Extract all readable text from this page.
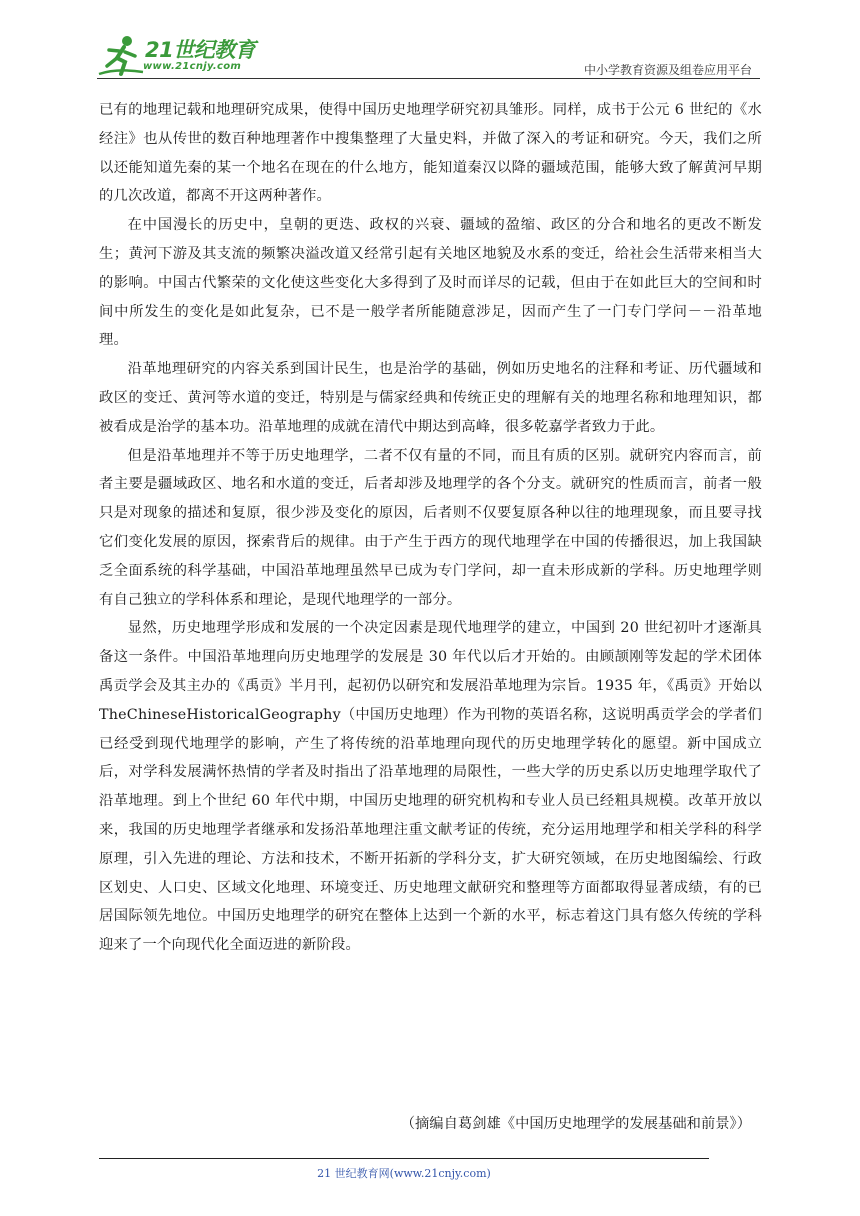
21世纪教育
www.21cnjy.com	中小学教育资源及组卷应用平台

已有的地理记载和地理研究成果，使得中国历史地理学研究初具雏形。同样，成书于公元 6 世纪的《水经注》也从传世的数百种地理著作中搜集整理了大量史料，并做了深入的考证和研究。今天，我们之所以还能知道先秦的某一个地名在现在的什么地方，能知道秦汉以降的疆域范围，能够大致了解黄河早期的几次改道，都离不开这两种著作。

在中国漫长的历史中，皇朝的更迭、政权的兴衰、疆域的盈缩、政区的分合和地名的更改不断发生；黄河下游及其支流的频繁决溢改道又经常引起有关地区地貌及水系的变迁，给社会生活带来相当大的影响。中国古代繁荣的文化使这些变化大多得到了及时而详尽的记载，但由于在如此巨大的空间和时间中所发生的变化是如此复杂，已不是一般学者所能随意涉足，因而产生了一门专门学问－－沿革地理。

沿革地理研究的内容关系到国计民生，也是治学的基础，例如历史地名的注释和考证、历代疆域和政区的变迁、黄河等水道的变迁，特别是与儒家经典和传统正史的理解有关的地理名称和地理知识，都被看成是治学的基本功。沿革地理的成就在清代中期达到高峰，很多乾嘉学者致力于此。

但是沿革地理并不等于历史地理学，二者不仅有量的不同，而且有质的区别。就研究内容而言，前者主要是疆域政区、地名和水道的变迁，后者却涉及地理学的各个分支。就研究的性质而言，前者一般只是对现象的描述和复原，很少涉及变化的原因，后者则不仅要复原各种以往的地理现象，而且要寻找它们变化发展的原因，探索背后的规律。由于产生于西方的现代地理学在中国的传播很迟，加上我国缺乏全面系统的科学基础，中国沿革地理虽然早已成为专门学问，却一直未形成新的学科。历史地理学则有自己独立的学科体系和理论，是现代地理学的一部分。

显然，历史地理学形成和发展的一个决定因素是现代地理学的建立，中国到 20 世纪初叶才逐渐具备这一条件。中国沿革地理向历史地理学的发展是 30 年代以后才开始的。由顾颉刚等发起的学术团体禹贡学会及其主办的《禹贡》半月刊，起初仍以研究和发展沿革地理为宗旨。1935 年，《禹贡》开始以 TheChineseHistoricalGeography（中国历史地理）作为刊物的英语名称，这说明禹贡学会的学者们已经受到现代地理学的影响，产生了将传统的沿革地理向现代的历史地理学转化的愿望。新中国成立后，对学科发展满怀热情的学者及时指出了沿革地理的局限性，一些大学的历史系以历史地理学取代了沿革地理。到上个世纪 60 年代中期，中国历史地理的研究机构和专业人员已经粗具规模。改革开放以来，我国的历史地理学者继承和发扬沿革地理注重文献考证的传统，充分运用地理学和相关学科的科学原理，引入先进的理论、方法和技术，不断开拓新的学科分支，扩大研究领域，在历史地图编绘、行政区划史、人口史、区域文化地理、环境变迁、历史地理文献研究和整理等方面都取得显著成绩，有的已居国际领先地位。中国历史地理学的研究在整体上达到一个新的水平，标志着这门具有悠久传统的学科迎来了一个向现代化全面迈进的新阶段。

（摘编自葛剑雄《中国历史地理学的发展基础和前景》）
21 世纪教育网(www.21cnjy.com)
